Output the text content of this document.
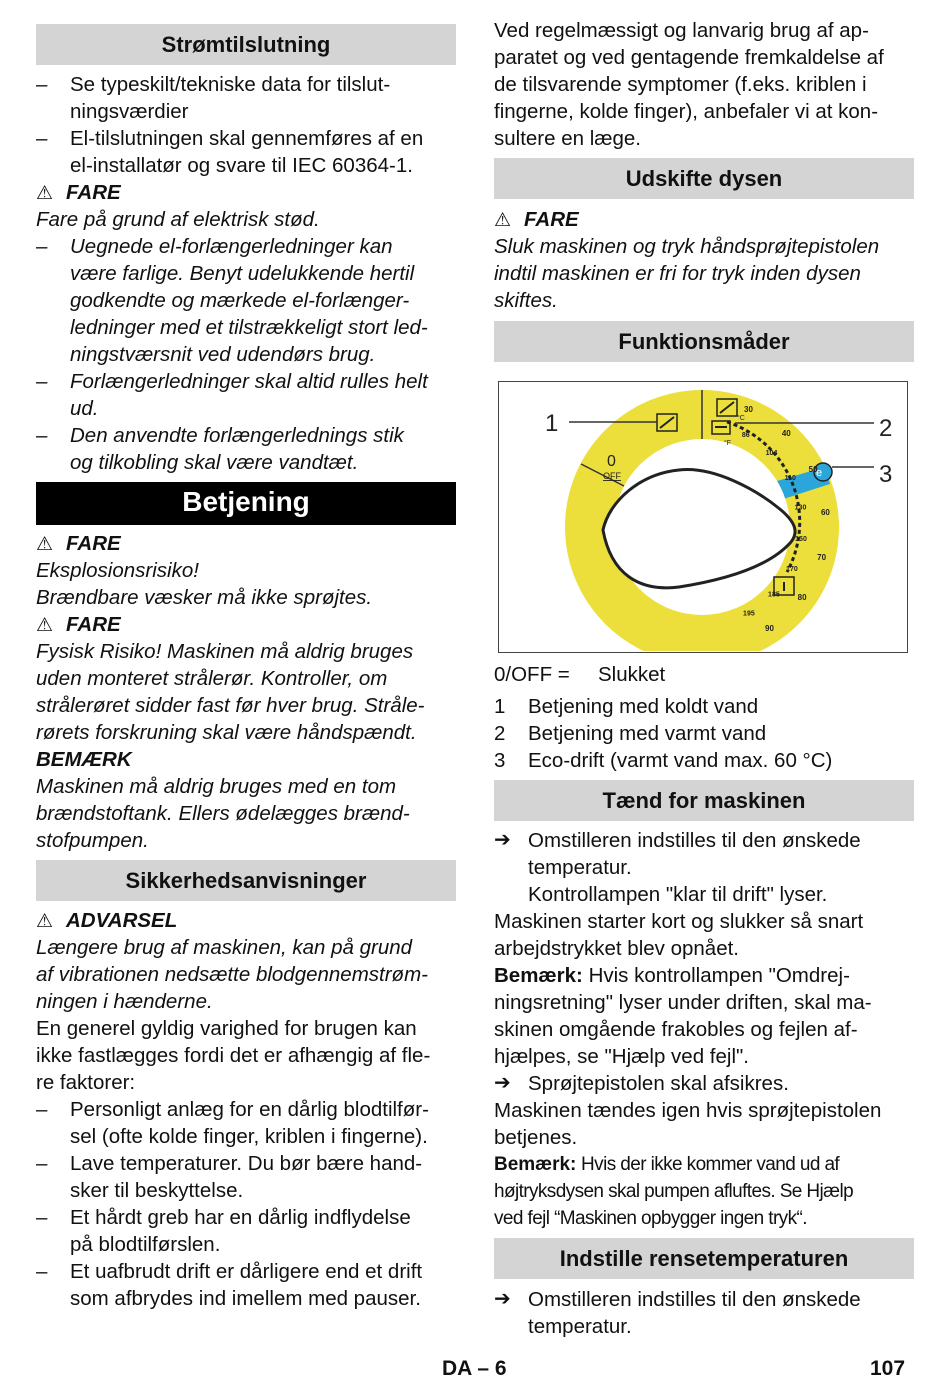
Strømtilslutning
– Se typeskilt/tekniske data for tilslut-
ningsværdier
– El-tilslutningen skal gennemføres af en
el-installatør og svare til IEC 60364-1.
⚠ FARE
Fare på grund af elektrisk stød.
– Uegnede el-forlængerledninger kan
være farlige. Benyt udelukkende hertil
godkendte og mærkede el-forlænger-
ledninger med et tilstrækkeligt stort led-
ningstværsnit ved udendørs brug.
– Forlængerledninger skal altid rulles helt
ud.
– Den anvendte forlængerlednings stik
og tilkobling skal være vandtæt.
Betjening
⚠ FARE
Eksplosionsrisiko!
Brændbare væsker må ikke sprøjtes.
⚠ FARE
Fysisk Risiko! Maskinen må aldrig bruges
uden monteret strålerør. Kontroller, om
strålerøret sidder fast før hver brug. Stråle-
rørets forskruning skal være håndspændt.
BEMÆRK
Maskinen må aldrig bruges med en tom
brændstoftank. Ellers ødelægges brænd-
stofpumpen.
Sikkerhedsanvisninger
⚠ ADVARSEL
Længere brug af maskinen, kan på grund
af vibrationen nedsætte blodgennemstrøm-
ningen i hænderne.
En generel gyldig varighed for brugen kan
ikke fastlægges fordi det er afhængig af fle-
re faktorer:
– Personligt anlæg for en dårlig blodtilfør-
sel (ofte kolde finger, kriblen i fingerne).
– Lave temperaturer. Du bør bære hand-
sker til beskyttelse.
– Et hårdt greb har en dårlig indflydelse
på blodtilførslen.
– Et uafbrudt drift er dårligere end et drift
som afbrydes ind imellem med pauser.
Ved regelmæssigt og lanvarig brug af ap-
paratet og ved gentagende fremkaldelse af
de tilsvarende symptomer (f.eks. kriblen i
fingerne, kolde finger), anbefaler vi at kon-
sultere en læge.
Udskifte dysen
⚠ FARE
Sluk maskinen og tryk håndsprøjtepistolen
indtil maskinen er fri for tryk inden dysen
skiftes.
Funktionsmåder
1	2
3
0
OFF
°C
°F
30
40
50
60
70
80
90
86
104
110
130
150
170
185
195
e
0/OFF = Slukket
1 Betjening med koldt vand
2 Betjening med varmt vand
3 Eco-drift (varmt vand max. 60 °C)
Tænd for maskinen
➔ Omstilleren indstilles til den ønskede
temperatur.
Kontrollampen "klar til drift" lyser.
Maskinen starter kort og slukker så snart
arbejdstrykket blev opnået.
Bemærk: Hvis kontrollampen "Omdrej-
ningsretning" lyser under driften, skal ma-
skinen omgående frakobles og fejlen af-
hjælpes, se "Hjælp ved fejl".
➔ Sprøjtepistolen skal afsikres.
Maskinen tændes igen hvis sprøjtepistolen
betjenes.
Bemærk: Hvis der ikke kommer vand ud af
højtryksdysen skal pumpen afluftes. Se Hjælp
ved fejl “Maskinen opbygger ingen tryk“.
Indstille rensetemperaturen
➔ Omstilleren indstilles til den ønskede
temperatur.
DA – 6	107
